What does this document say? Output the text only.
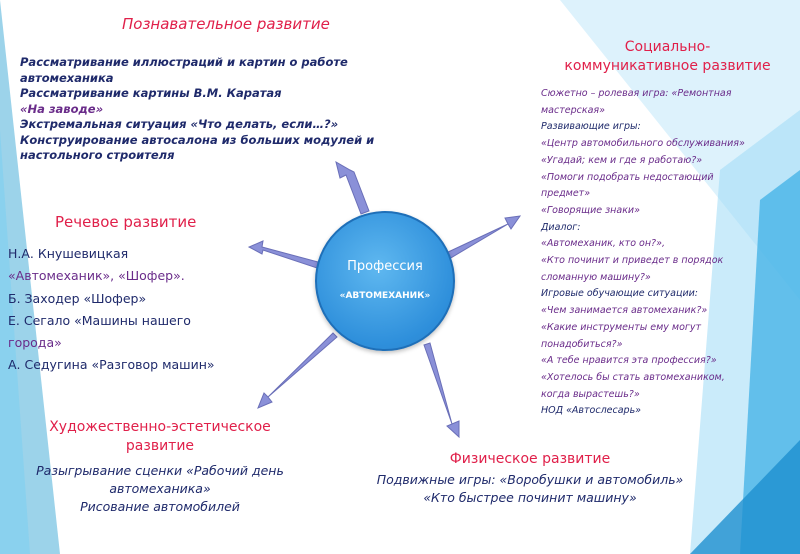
Профессия
«АВТОМЕХАНИК»
Познавательное развитие
Рассматривание иллюстраций и картин о работе
автомеханика
Рассматривание картины В.М. Каратая
«На заводе»
Экстремальная ситуация «Что делать, если…?»
Конструирование автосалона из больших модулей и
настольного строителя
Социально-
коммуникативное развитие
Сюжетно – ролевая игра: «Ремонтная
мастерская»
Развивающие игры:
«Центр автомобильного обслуживания»
«Угадай; кем и где я работаю?»
«Помоги подобрать недостающий
предмет»
«Говорящие знаки»
Диалог:
«Автомеханик, кто он?»,
«Кто починит и приведет в порядок
сломанную машину?»
Игровые обучающие ситуации:
«Чем занимается автомеханик?»
«Какие инструменты ему могут
понадобиться?»
«А тебе нравится эта профессия?»
«Хотелось бы стать автомехаником,
когда вырастешь?»
НОД «Автослесарь»
Речевое развитие
Н.А. Кнушевицкая
«Автомеханик», «Шофер».
Б. Заходер «Шофер»
Е. Сегало «Машины нашего
города»
А. Седугина «Разговор машин»
Художественно-эстетическое
развитие
Разыгрывание сценки «Рабочий день
автомеханика»
Рисование автомобилей
Физическое развитие
Подвижные игры: «Воробушки и автомобиль»
«Кто быстрее починит машину»
